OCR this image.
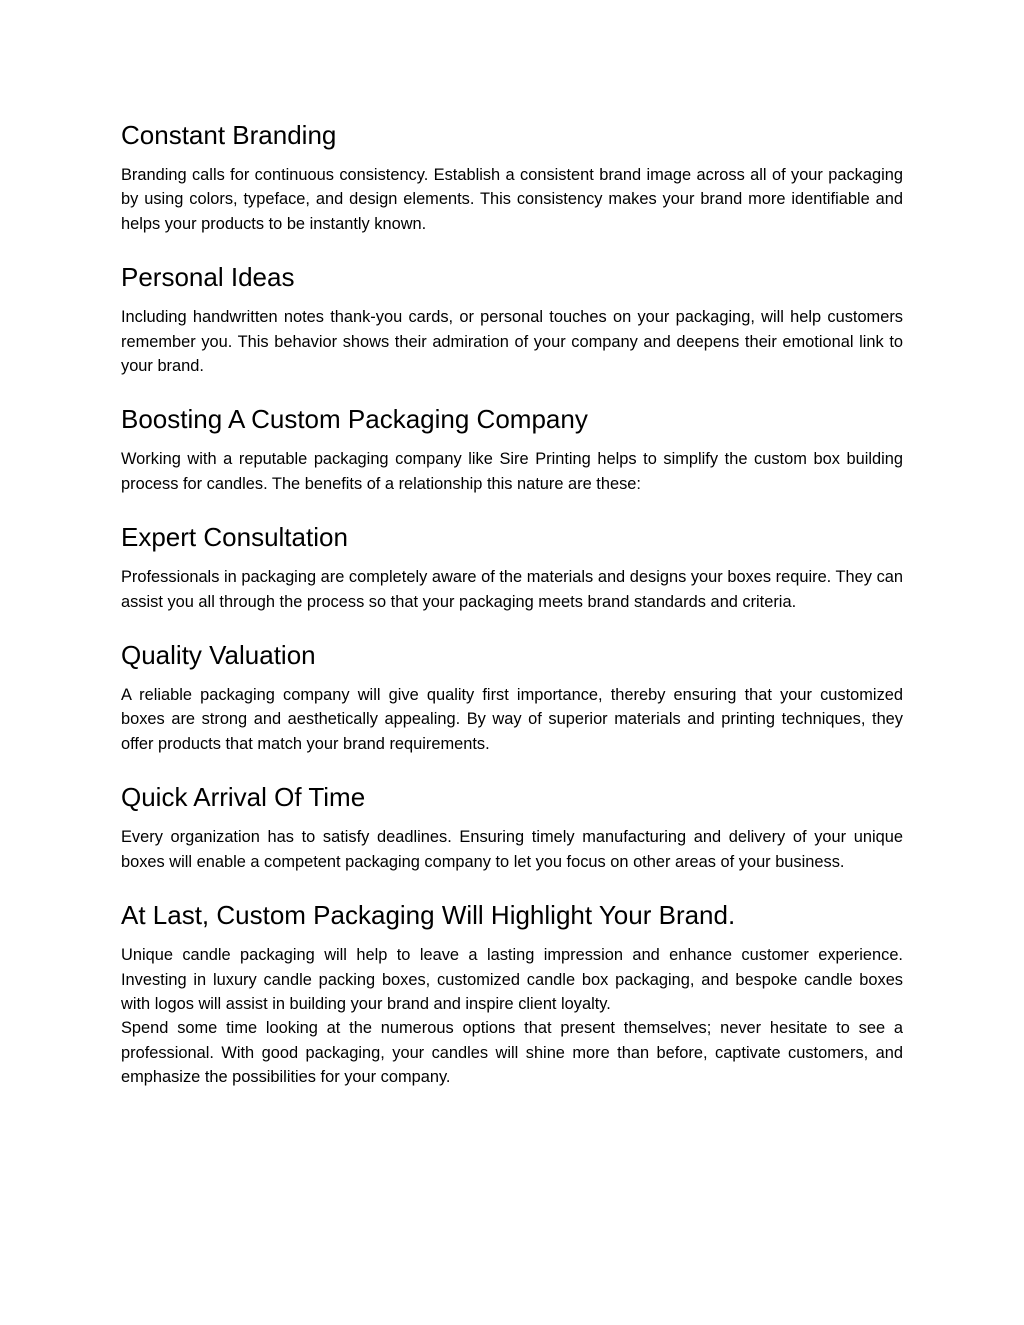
Constant Branding

Branding calls for continuous consistency. Establish a consistent brand image across all of your packaging by using colors, typeface, and design elements. This consistency makes your brand more identifiable and helps your products to be instantly known.

Personal Ideas

Including handwritten notes thank-you cards, or personal touches on your packaging, will help customers remember you. This behavior shows their admiration of your company and deepens their emotional link to your brand.

Boosting A Custom Packaging Company

Working with a reputable packaging company like Sire Printing helps to simplify the custom box building process for candles. The benefits of a relationship this nature are these:

Expert Consultation

Professionals in packaging are completely aware of the materials and designs your boxes require. They can assist you all through the process so that your packaging meets brand standards and criteria.

Quality Valuation

A reliable packaging company will give quality first importance, thereby ensuring that your customized boxes are strong and aesthetically appealing. By way of superior materials and printing techniques, they offer products that match your brand requirements.

Quick Arrival Of Time

Every organization has to satisfy deadlines. Ensuring timely manufacturing and delivery of your unique boxes will enable a competent packaging company to let you focus on other areas of your business.

At Last, Custom Packaging Will Highlight Your Brand.

Unique candle packaging will help to leave a lasting impression and enhance customer experience. Investing in luxury candle packing boxes, customized candle box packaging, and bespoke candle boxes with logos will assist in building your brand and inspire client loyalty.

Spend some time looking at the numerous options that present themselves; never hesitate to see a professional. With good packaging, your candles will shine more than before, captivate customers, and emphasize the possibilities for your company.
